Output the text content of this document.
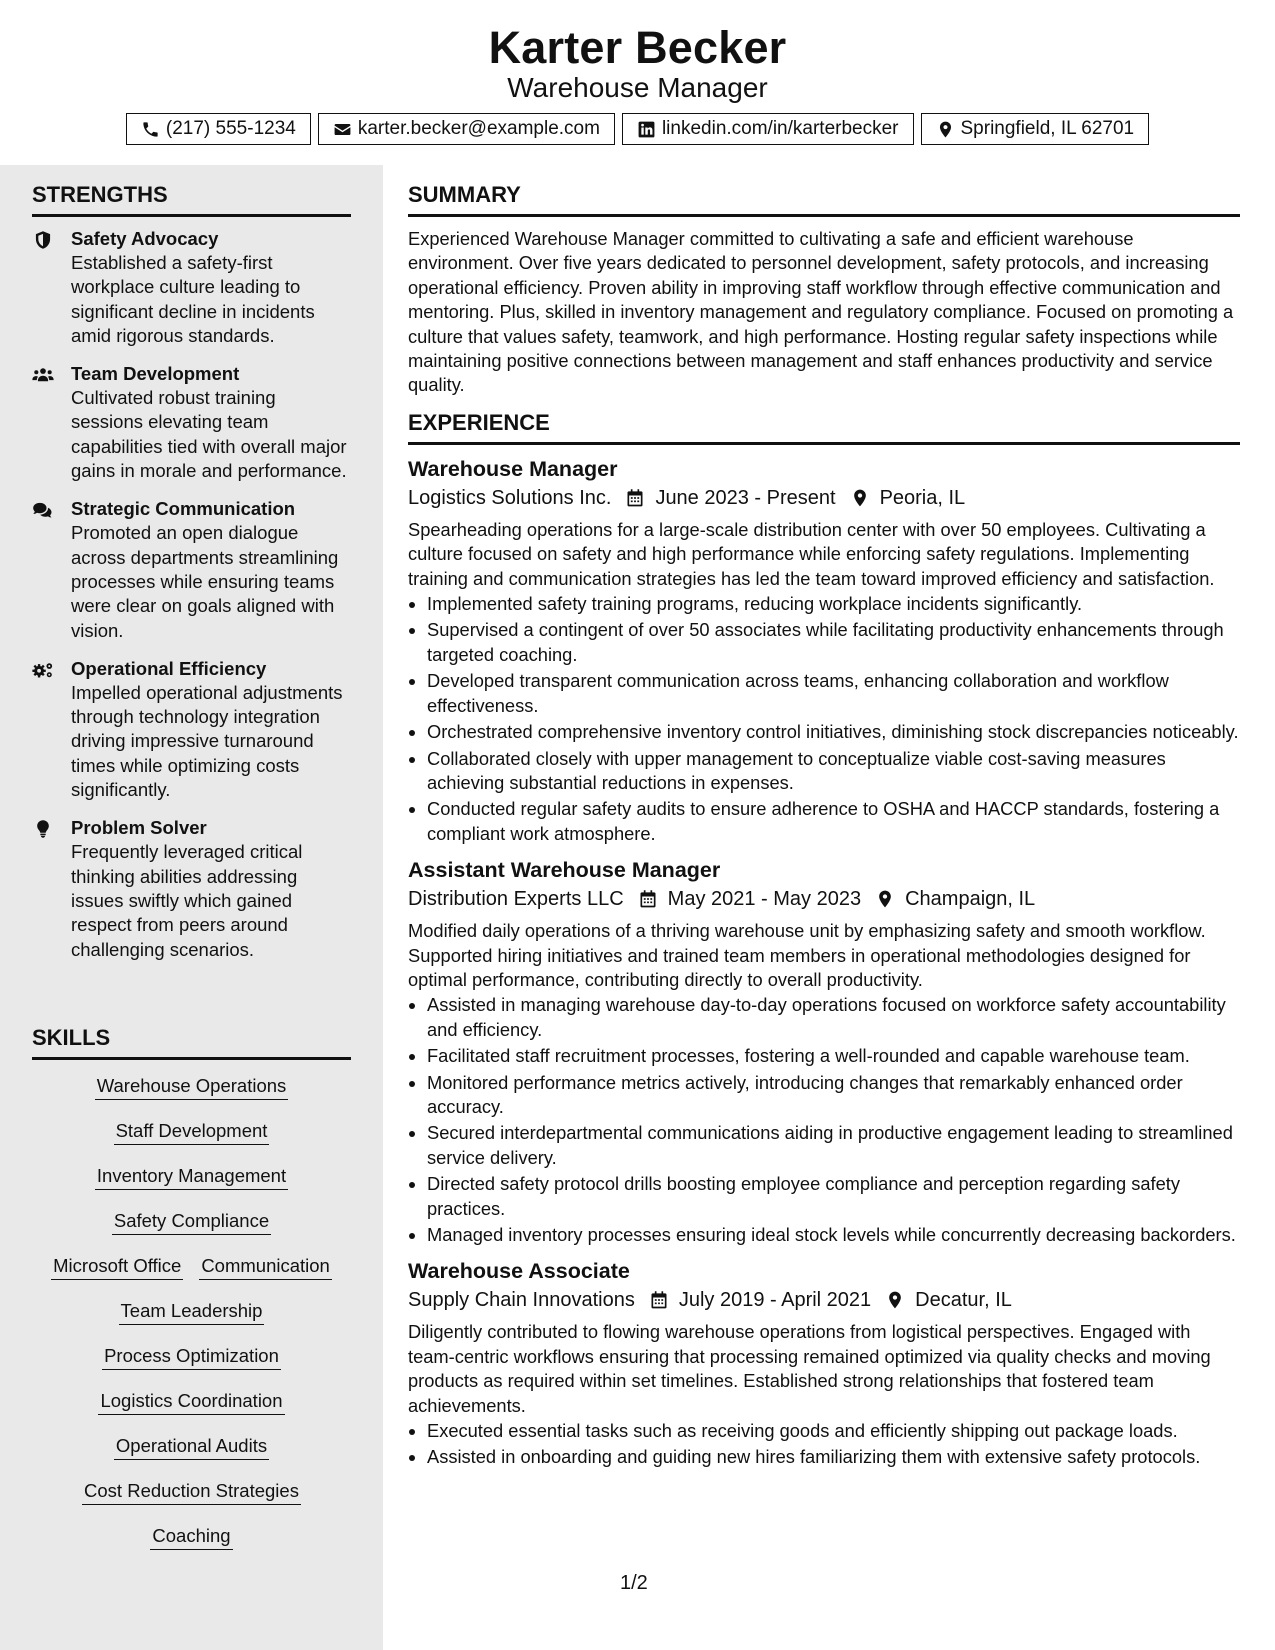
Karter Becker
Warehouse Manager
(217) 555-1234	karter.becker@example.com	linkedin.com/in/karterbecker	Springfield, IL 62701
STRENGTHS
Safety Advocacy
Established a safety-first workplace culture leading to significant decline in incidents amid rigorous standards.
Team Development
Cultivated robust training sessions elevating team capabilities tied with overall major gains in morale and performance.
Strategic Communication
Promoted an open dialogue across departments streamlining processes while ensuring teams were clear on goals aligned with vision.
Operational Efficiency
Impelled operational adjustments through technology integration driving impressive turnaround times while optimizing costs significantly.
Problem Solver
Frequently leveraged critical thinking abilities addressing issues swiftly which gained respect from peers around challenging scenarios.
SKILLS
Warehouse Operations
Staff Development
Inventory Management
Safety Compliance
Microsoft Office Communication
Team Leadership
Process Optimization
Logistics Coordination
Operational Audits
Cost Reduction Strategies
Coaching
SUMMARY
Experienced Warehouse Manager committed to cultivating a safe and efficient warehouse environment. Over five years dedicated to personnel development, safety protocols, and increasing operational efficiency. Proven ability in improving staff workflow through effective communication and mentoring. Plus, skilled in inventory management and regulatory compliance. Focused on promoting a culture that values safety, teamwork, and high performance. Hosting regular safety inspections while maintaining positive connections between management and staff enhances productivity and service quality.
EXPERIENCE
Warehouse Manager
Logistics Solutions Inc. June 2023 - Present Peoria, IL
Spearheading operations for a large-scale distribution center with over 50 employees. Cultivating a culture focused on safety and high performance while enforcing safety regulations. Implementing training and communication strategies has led the team toward improved efficiency and satisfaction.
• Implemented safety training programs, reducing workplace incidents significantly.
• Supervised a contingent of over 50 associates while facilitating productivity enhancements through targeted coaching.
• Developed transparent communication across teams, enhancing collaboration and workflow effectiveness.
• Orchestrated comprehensive inventory control initiatives, diminishing stock discrepancies noticeably.
• Collaborated closely with upper management to conceptualize viable cost-saving measures achieving substantial reductions in expenses.
• Conducted regular safety audits to ensure adherence to OSHA and HACCP standards, fostering a compliant work atmosphere.
Assistant Warehouse Manager
Distribution Experts LLC May 2021 - May 2023 Champaign, IL
Modified daily operations of a thriving warehouse unit by emphasizing safety and smooth workflow. Supported hiring initiatives and trained team members in operational methodologies designed for optimal performance, contributing directly to overall productivity.
• Assisted in managing warehouse day-to-day operations focused on workforce safety accountability and efficiency.
• Facilitated staff recruitment processes, fostering a well-rounded and capable warehouse team.
• Monitored performance metrics actively, introducing changes that remarkably enhanced order accuracy.
• Secured interdepartmental communications aiding in productive engagement leading to streamlined service delivery.
• Directed safety protocol drills boosting employee compliance and perception regarding safety practices.
• Managed inventory processes ensuring ideal stock levels while concurrently decreasing backorders.
Warehouse Associate
Supply Chain Innovations July 2019 - April 2021 Decatur, IL
Diligently contributed to flowing warehouse operations from logistical perspectives. Engaged with team-centric workflows ensuring that processing remained optimized via quality checks and moving products as required within set timelines. Established strong relationships that fostered team achievements.
• Executed essential tasks such as receiving goods and efficiently shipping out package loads.
• Assisted in onboarding and guiding new hires familiarizing them with extensive safety protocols.
1/2
